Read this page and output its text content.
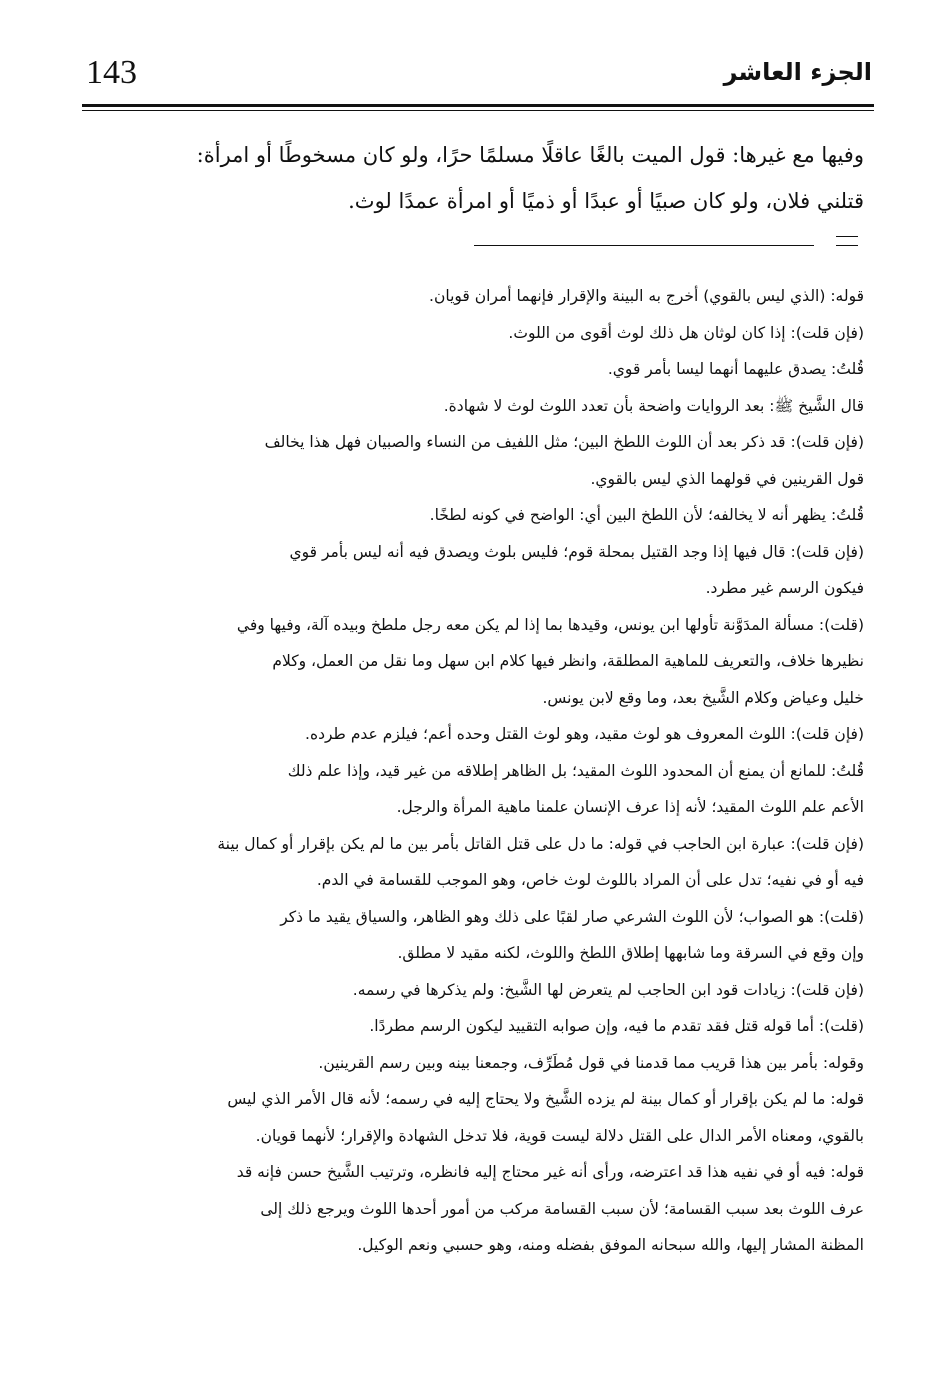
143	الجزء العاشر

وفيها مع غيرها: قول الميت بالغًا عاقلًا مسلمًا حرًا، ولو كان مسخوطًا أو امرأة:

قتلني فلان، ولو كان صبيًا أو عبدًا أو ذميًا أو امرأة عمدًا لوث.

قوله: (الذي ليس بالقوي) أخرج به البينة والإقرار فإنهما أمران قويان.

(فإن قلت): إذا كان لوثان هل ذلك لوث أقوى من اللوث.

قُلتُ: يصدق عليهما أنهما ليسا بأمر قوي.

قال الشَّيخ ﷺ: بعد الروايات واضحة بأن تعدد اللوث لوث لا شهادة.

(فإن قلت): قد ذكر بعد أن اللوث اللطخ البين؛ مثل اللفيف من النساء والصبيان فهل هذا يخالف

قول القرينين في قولهما الذي ليس بالقوي.

قُلتُ: يظهر أنه لا يخالفه؛ لأن اللطخ البين أي: الواضح في كونه لطخًا.

(فإن قلت): قال فيها إذا وجد القتيل بمحلة قوم؛ فليس بلوث ويصدق فيه أنه ليس بأمر قوي

فيكون الرسم غير مطرد.

(قلت): مسألة المدَوَّنة تأولها ابن يونس، وقيدها بما إذا لم يكن معه رجل ملطخ وبيده آلة، وفيها وفي

نظيرها خلاف، والتعريف للماهية المطلقة، وانظر فيها كلام ابن سهل وما نقل من العمل، وكلام

خليل وعياض وكلام الشَّيخ بعد، وما وقع لابن يونس.

(فإن قلت): اللوث المعروف هو لوث مقيد، وهو لوث القتل وحده أعم؛ فيلزم عدم طرده.

قُلتُ: للمانع أن يمنع أن المحدود اللوث المقيد؛ بل الظاهر إطلاقه من غير قيد، وإذا علم ذلك

الأعم علم اللوث المقيد؛ لأنه إذا عرف الإنسان علمنا ماهية المرأة والرجل.

(فإن قلت): عبارة ابن الحاجب في قوله: ما دل على قتل القاتل بأمر بين ما لم يكن بإقرار أو كمال بينة

فيه أو في نفيه؛ تدل على أن المراد باللوث لوث خاص، وهو الموجب للقسامة في الدم.

(قلت): هو الصواب؛ لأن اللوث الشرعي صار لقبًا على ذلك وهو الظاهر، والسياق يقيد ما ذكر

وإن وقع في السرقة وما شابهها إطلاق اللطخ واللوث، لكنه مقيد لا مطلق.

(فإن قلت): زيادات قود ابن الحاجب لم يتعرض لها الشَّيخ: ولم يذكرها في رسمه.

(قلت): أما قوله قتل فقد تقدم ما فيه، وإن صوابه التقييد ليكون الرسم مطردًا.

وقوله: بأمر بين هذا قريب مما قدمنا في قول مُطَرِّف، وجمعنا بينه وبين رسم القرينين.

قوله: ما لم يكن بإقرار أو كمال بينة لم يزده الشَّيخ ولا يحتاج إليه في رسمه؛ لأنه قال الأمر الذي ليس

بالقوي، ومعناه الأمر الدال على القتل دلالة ليست قوية، فلا تدخل الشهادة والإقرار؛ لأنهما قويان.

قوله: فيه أو في نفيه هذا قد اعترضه، ورأى أنه غير محتاج إليه فانظره، وترتيب الشَّيخ حسن فإنه قد

عرف اللوث بعد سبب القسامة؛ لأن سبب القسامة مركب من أمور أحدها اللوث ويرجع ذلك إلى

المظنة المشار إليها، والله سبحانه الموفق بفضله ومنه، وهو حسبي ونعم الوكيل.
